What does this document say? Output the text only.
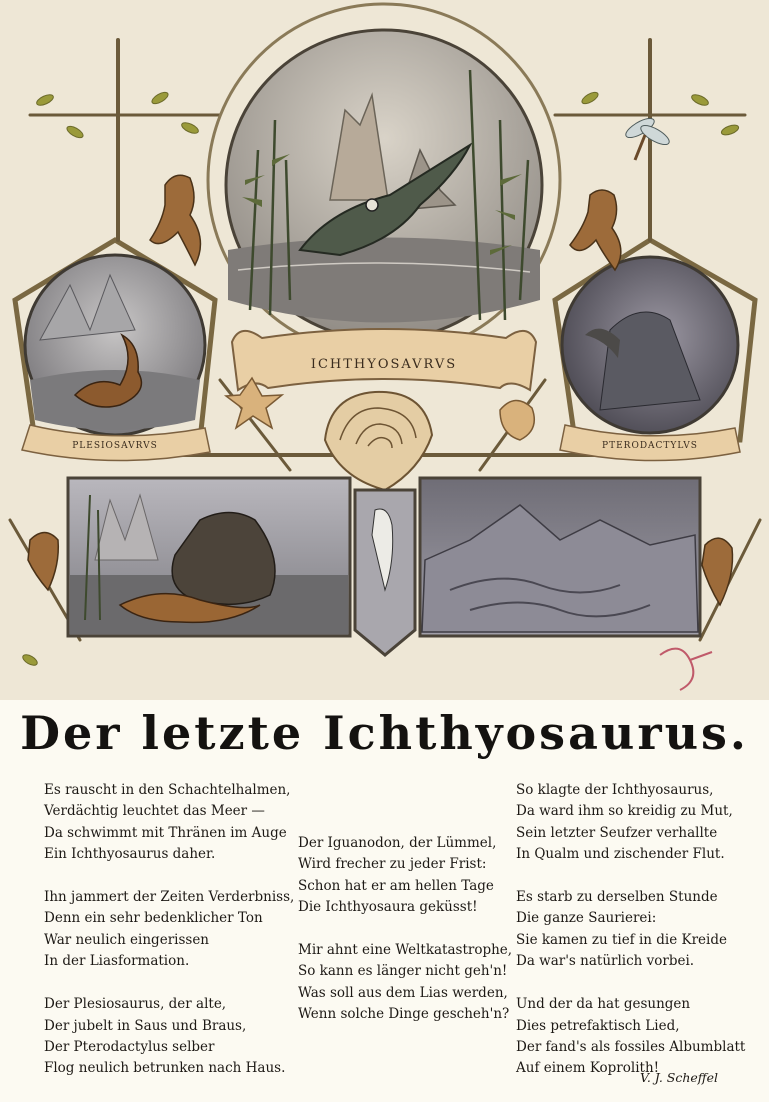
ICHTHYOSAVRVS
PLESIOSAVRVS	PTERODACTYLVS
Der letzte Ichthyosaurus.
Es rauscht in den Schachtelhalmen,
Verdächtig leuchtet das Meer —
Da schwimmt mit Thränen im Auge
Ein Ichthyosaurus daher.
Ihn jammert der Zeiten Verderbniss,
Denn ein sehr bedenklicher Ton
War neulich eingerissen
In der Liasformation.
Der Plesiosaurus, der alte,
Der jubelt in Saus und Braus,
Der Pterodactylus selber
Flog neulich betrunken nach Haus.
Der Iguanodon, der Lümmel,
Wird frecher zu jeder Frist:
Schon hat er am hellen Tage
Die Ichthyosaura geküsst!
Mir ahnt eine Weltkatastrophe,
So kann es länger nicht geh'n!
Was soll aus dem Lias werden,
Wenn solche Dinge gescheh'n?
So klagte der Ichthyosaurus,
Da ward ihm so kreidig zu Mut,
Sein letzter Seufzer verhallte
In Qualm und zischender Flut.
Es starb zu derselben Stunde
Die ganze Saurierei:
Sie kamen zu tief in die Kreide
Da war's natürlich vorbei.
Und der da hat gesungen
Dies petrefaktisch Lied,
Der fand's als fossiles Albumblatt
Auf einem Koprolith!
V. J. Scheffel
